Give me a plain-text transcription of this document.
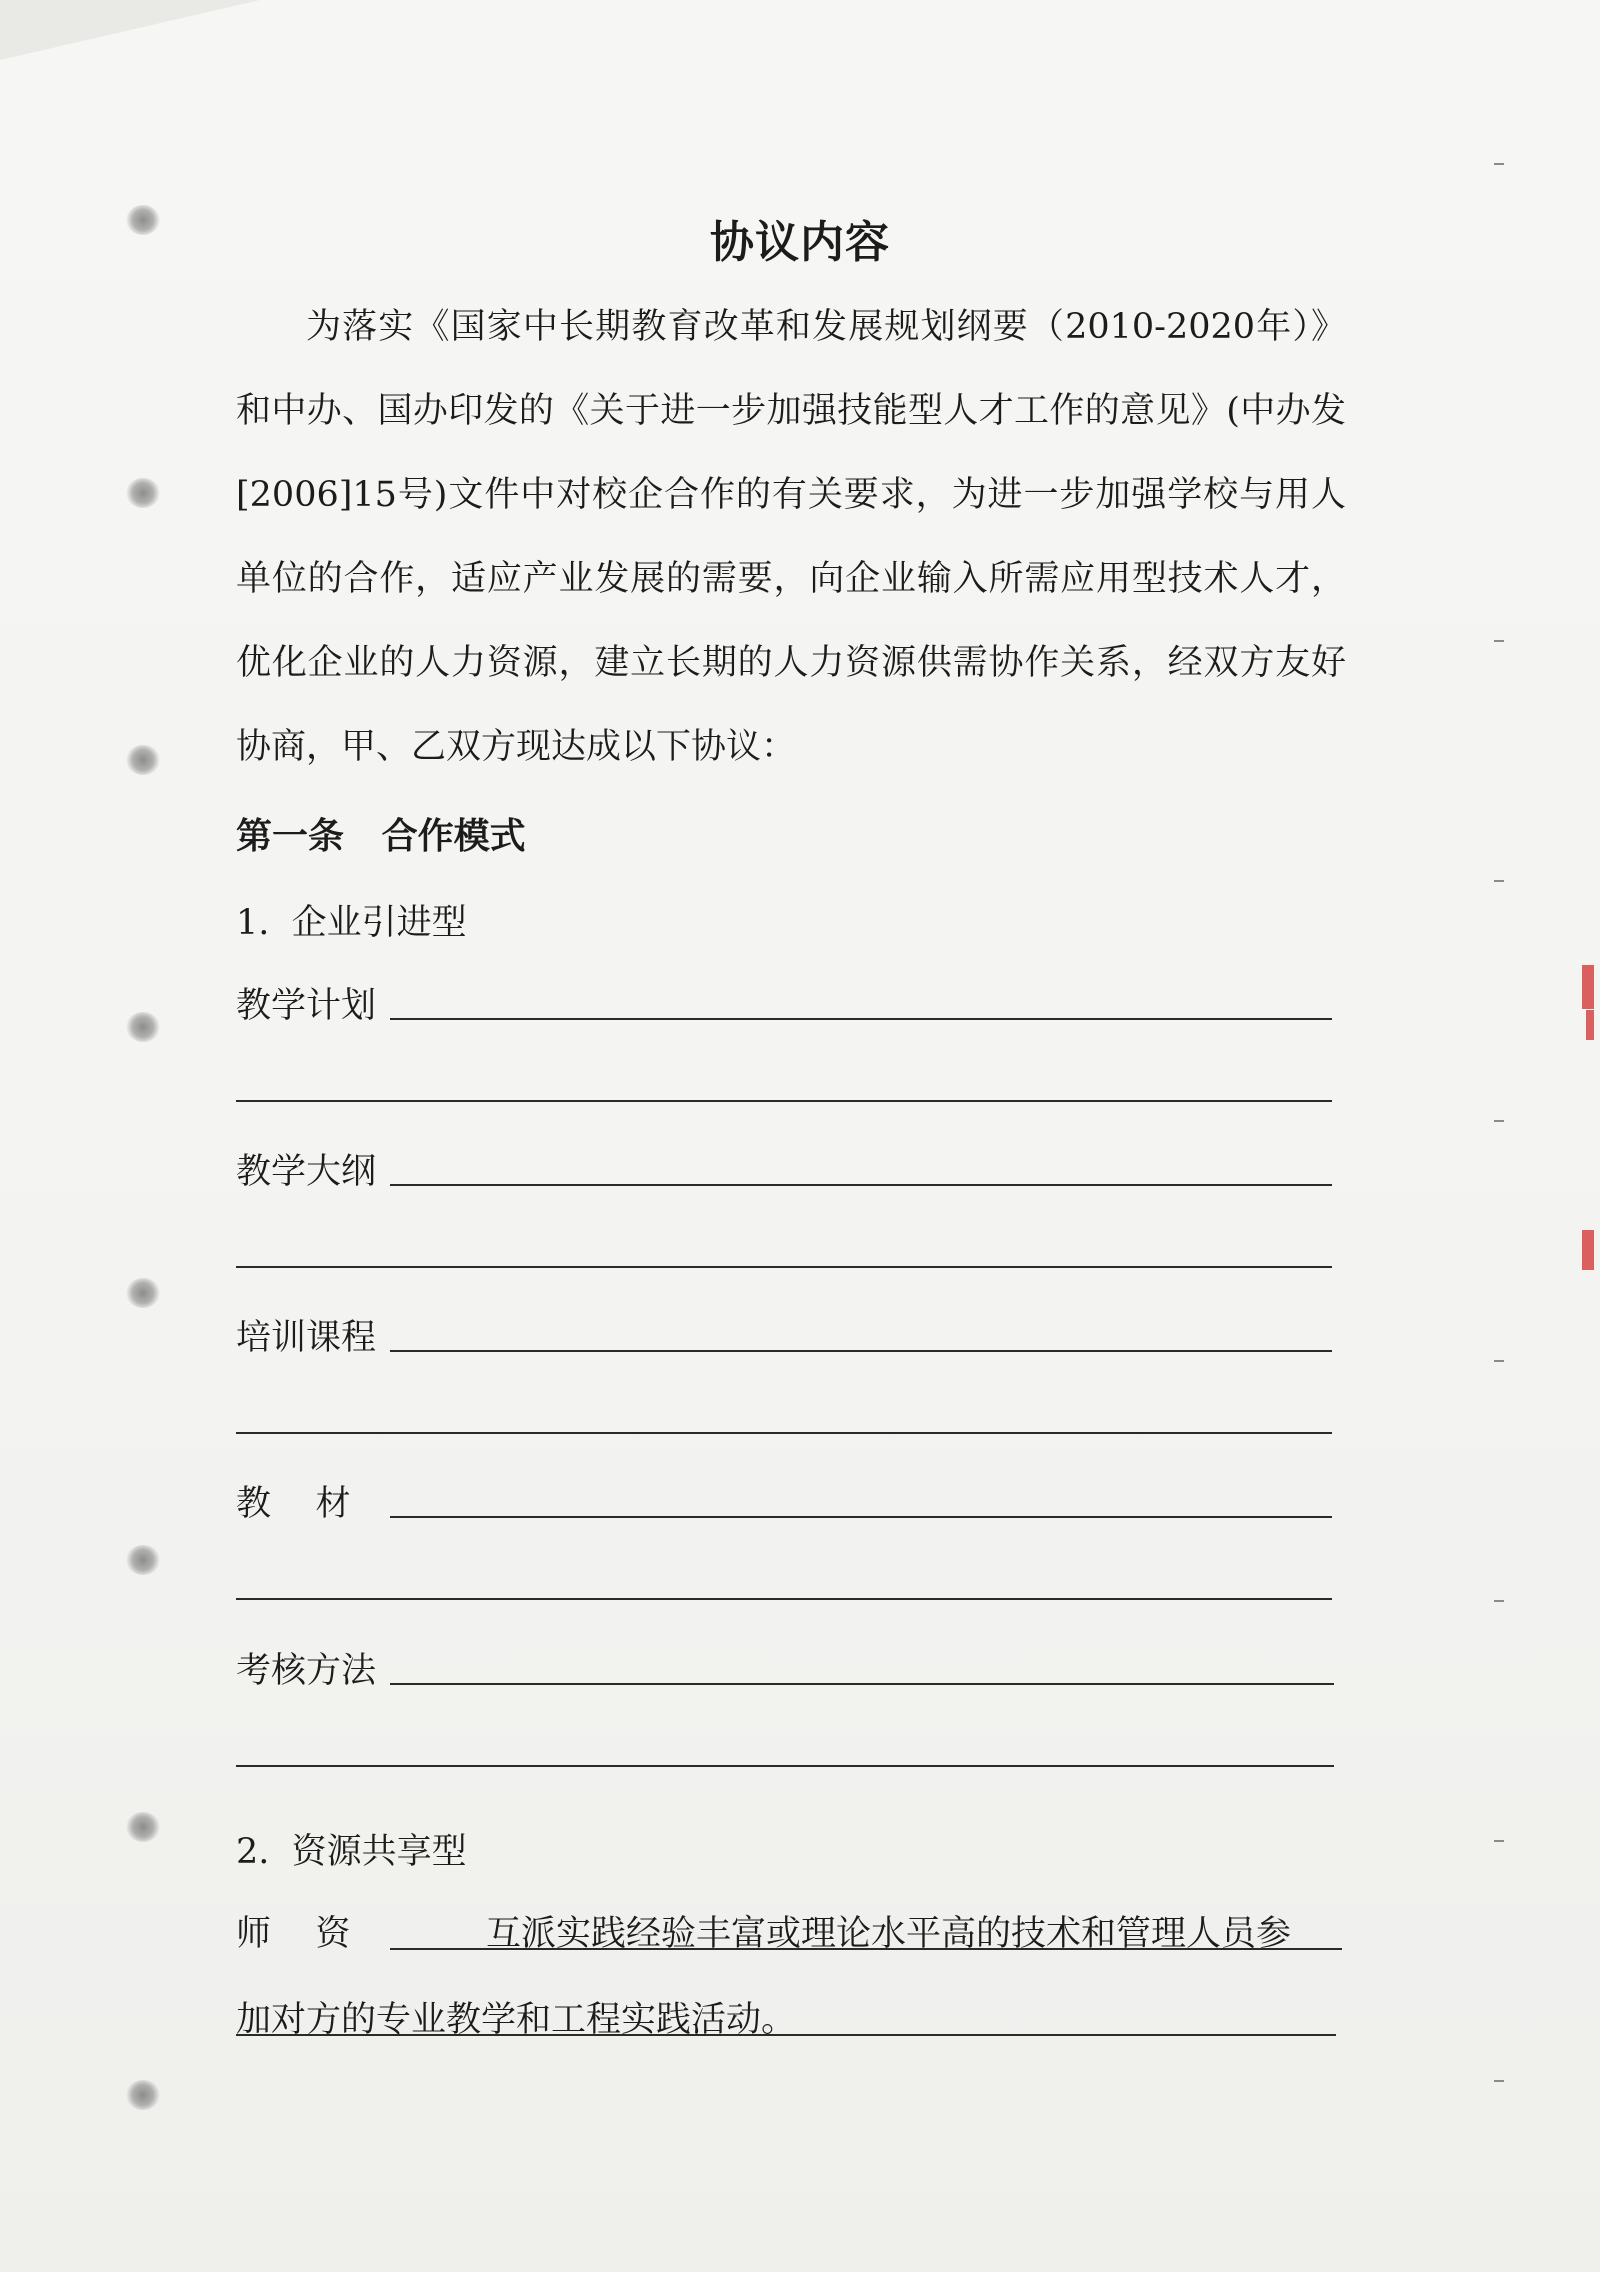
协议内容

为落实《国家中长期教育改革和发展规划纲要（2010-2020年）》和中办、国办印发的《关于进一步加强技能型人才工作的意见》(中办发[2006]15号)文件中对校企合作的有关要求，为进一步加强学校与用人单位的合作，适应产业发展的需要，向企业输入所需应用型技术人才，优化企业的人力资源，建立长期的人力资源供需协作关系，经双方友好协商，甲、乙双方现达成以下协议：

第一条   合作模式
1.  企业引进型
教学计划
教学大纲
培训课程
教    材
考核方法
2.  资源共享型
师    资	互派实践经验丰富或理论水平高的技术和管理人员参
加对方的专业教学和工程实践活动。
